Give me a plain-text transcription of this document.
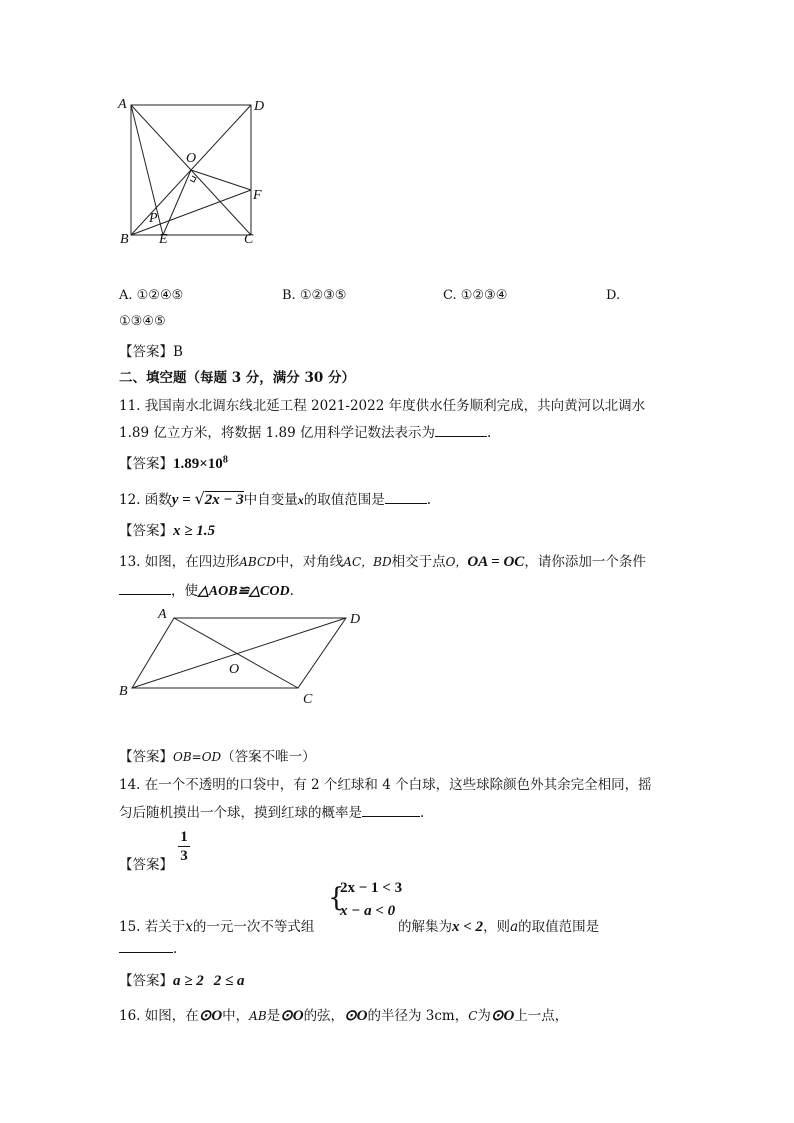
A	D
O
F
P
B E	C
A. ①②④⑤	B. ①②③⑤	C. ①②③④	D.
①③④⑤
【答案】B
二、填空题（每题 3 分，满分 30 分）
11. 我国南水北调东线北延工程 2021-2022 年度供水任务顺利完成，共向黄河以北调水
1.89 亿立方米，将数据 1.89 亿用科学记数法表示为	.
【答案】$1.89\times 10^8$
12. 函数y = √2x − 3中自变量x的取值范围是	.
【答案】x ≥ 1.5
13. 如图，在四边形ABCD中，对角线AC，BD相交于点O，OA = OC，请你添加一个条件
，使△AOB≌△COD.
A	D
O
B
C
【答案】OB=OD（答案不唯一）
14. 在一个不透明的口袋中，有 2 个红球和 4 个白球，这些球除颜色外其余完全相同，摇
匀后随机摸出一个球，摸到红球的概率是	.
【答案】 $\frac{1}{3}$
{
2x − 1 < 3
x − a < 0
15. 若关于x的一元一次不等式组	的解集为x < 2，则a的取值范围是
.
【答案】a ≥ 2 2 ≤ a
16. 如图，在⊙O中，AB是⊙O的弦，⊙O的半径为 3cm，C为⊙O上一点，
